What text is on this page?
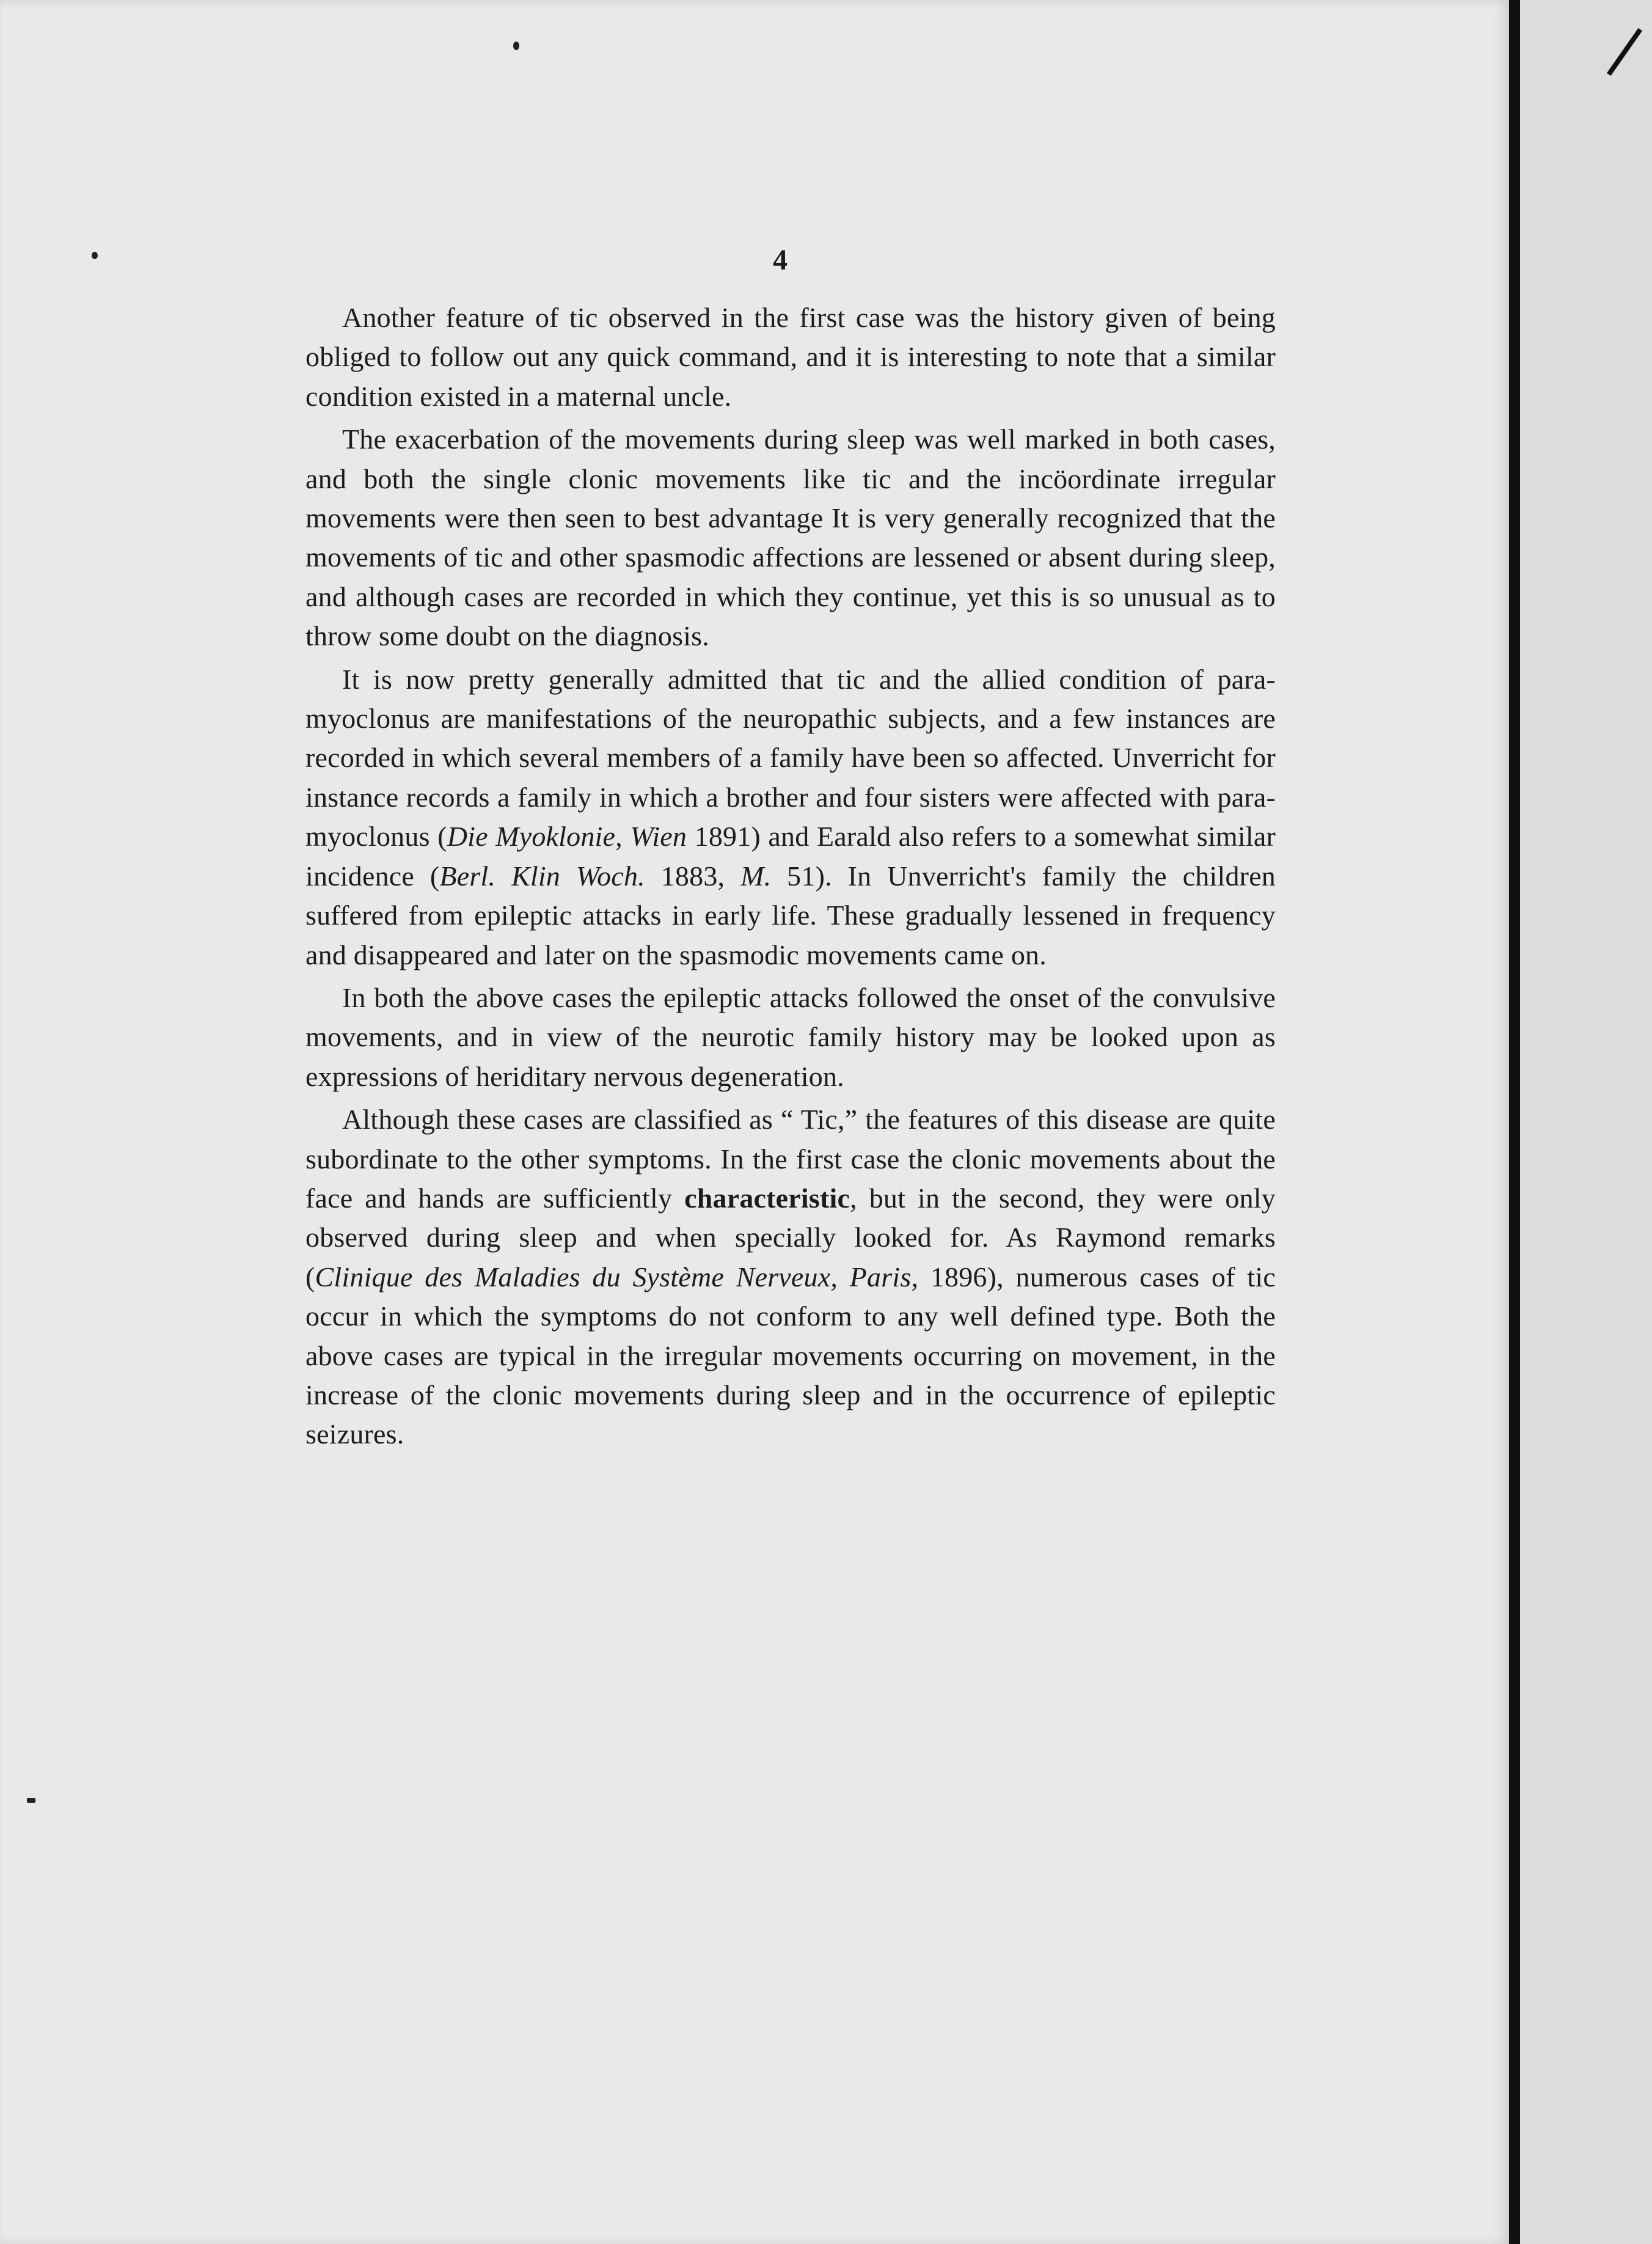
4

Another feature of tic observed in the first case was the history given of being obliged to follow out any quick command, and it is interesting to note that a similar condition existed in a maternal uncle.

The exacerbation of the movements during sleep was well marked in both cases, and both the single clonic movements like tic and the incöordinate irregular movements were then seen to best advantage It is very generally recognized that the movements of tic and other spasmodic affections are lessened or absent during sleep, and although cases are recorded in which they continue, yet this is so unusual as to throw some doubt on the diagnosis.

It is now pretty generally admitted that tic and the allied condition of para-myoclonus are manifestations of the neuropathic subjects, and a few instances are recorded in which several members of a family have been so affected. Unverricht for instance records a family in which a brother and four sisters were affected with para-myoclonus (Die Myoklonie, Wien 1891) and Earald also refers to a somewhat similar incidence (Berl. Klin Woch. 1883, M. 51). In Unverricht's family the children suffered from epileptic attacks in early life. These gradually lessened in frequency and disappeared and later on the spasmodic movements came on.

In both the above cases the epileptic attacks followed the onset of the convulsive movements, and in view of the neurotic family history may be looked upon as expressions of heriditary nervous degeneration.

Although these cases are classified as “ Tic,” the features of this disease are quite subordinate to the other symptoms. In the first case the clonic movements about the face and hands are sufficiently characteristic, but in the second, they were only observed during sleep and when specially looked for. As Raymond remarks (Clinique des Maladies du Système Nerveux, Paris, 1896), numerous cases of tic occur in which the symptoms do not conform to any well defined type. Both the above cases are typical in the irregular movements occurring on movement, in the increase of the clonic movements during sleep and in the occurrence of epileptic seizures.
